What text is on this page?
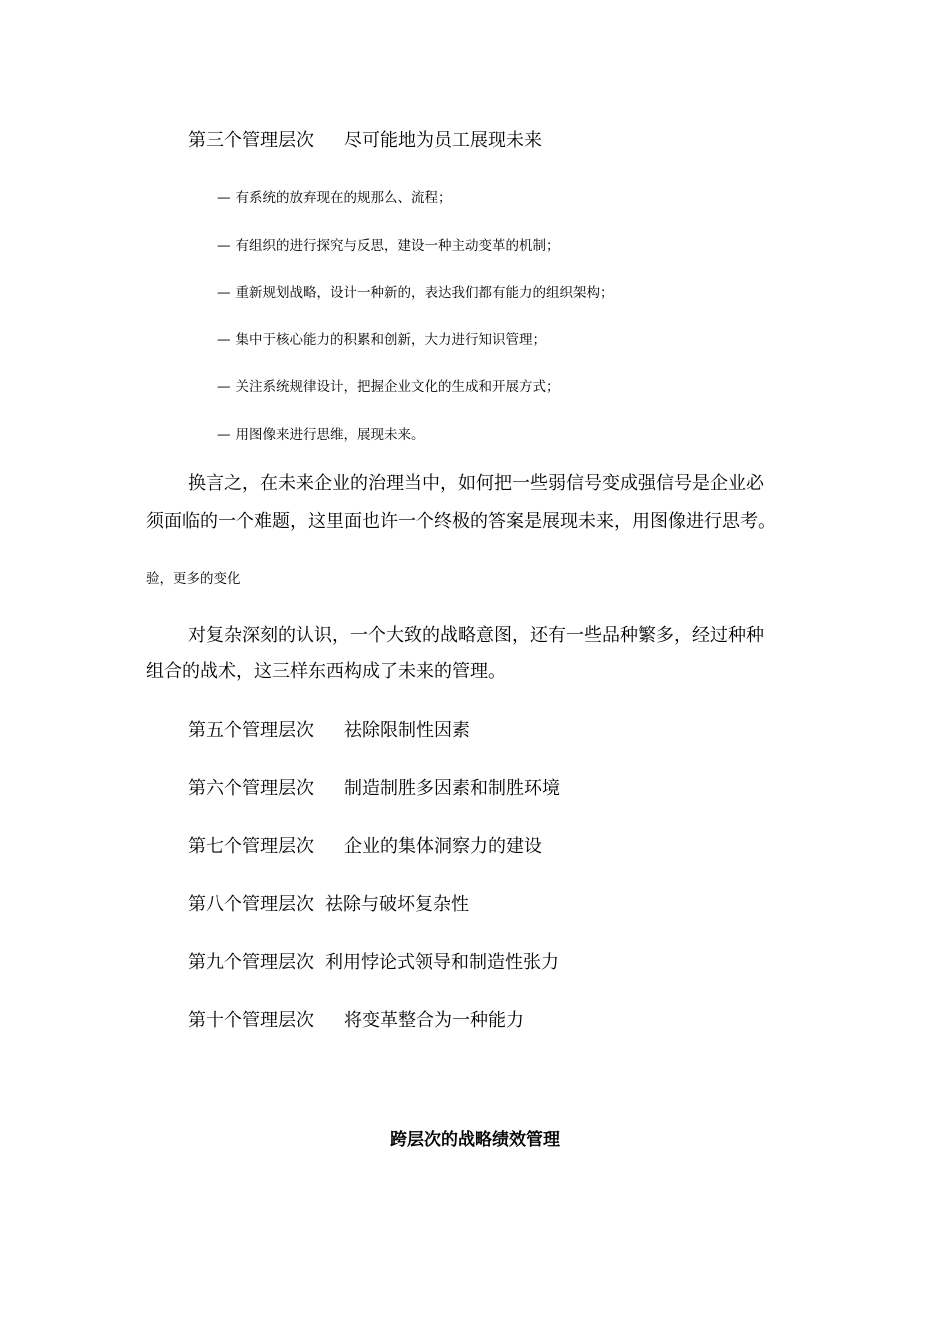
第三个管理层次 尽可能地为员工展现未来
— 有系统的放弃现在的规那么、流程；
— 有组织的进行探究与反思，建设一种主动变革的机制；
— 重新规划战略，设计一种新的，表达我们都有能力的组织架构；
— 集中于核心能力的积累和创新，大力进行知识管理；
— 关注系统规律设计，把握企业文化的生成和开展方式；
— 用图像来进行思维，展现未来。
换言之，在未来企业的治理当中，如何把一些弱信号变成强信号是企业必
须面临的一个难题，这里面也许一个终极的答案是展现未来，用图像进行思考。
验，更多的变化
对复杂深刻的认识，一个大致的战略意图，还有一些品种繁多，经过种种
组合的战术，这三样东西构成了未来的管理。
第五个管理层次 祛除限制性因素
第六个管理层次 制造制胜多因素和制胜环境
第七个管理层次 企业的集体洞察力的建设
第八个管理层次 祛除与破坏复杂性
第九个管理层次 利用悖论式领导和制造性张力
第十个管理层次 将变革整合为一种能力
跨层次的战略绩效管理
